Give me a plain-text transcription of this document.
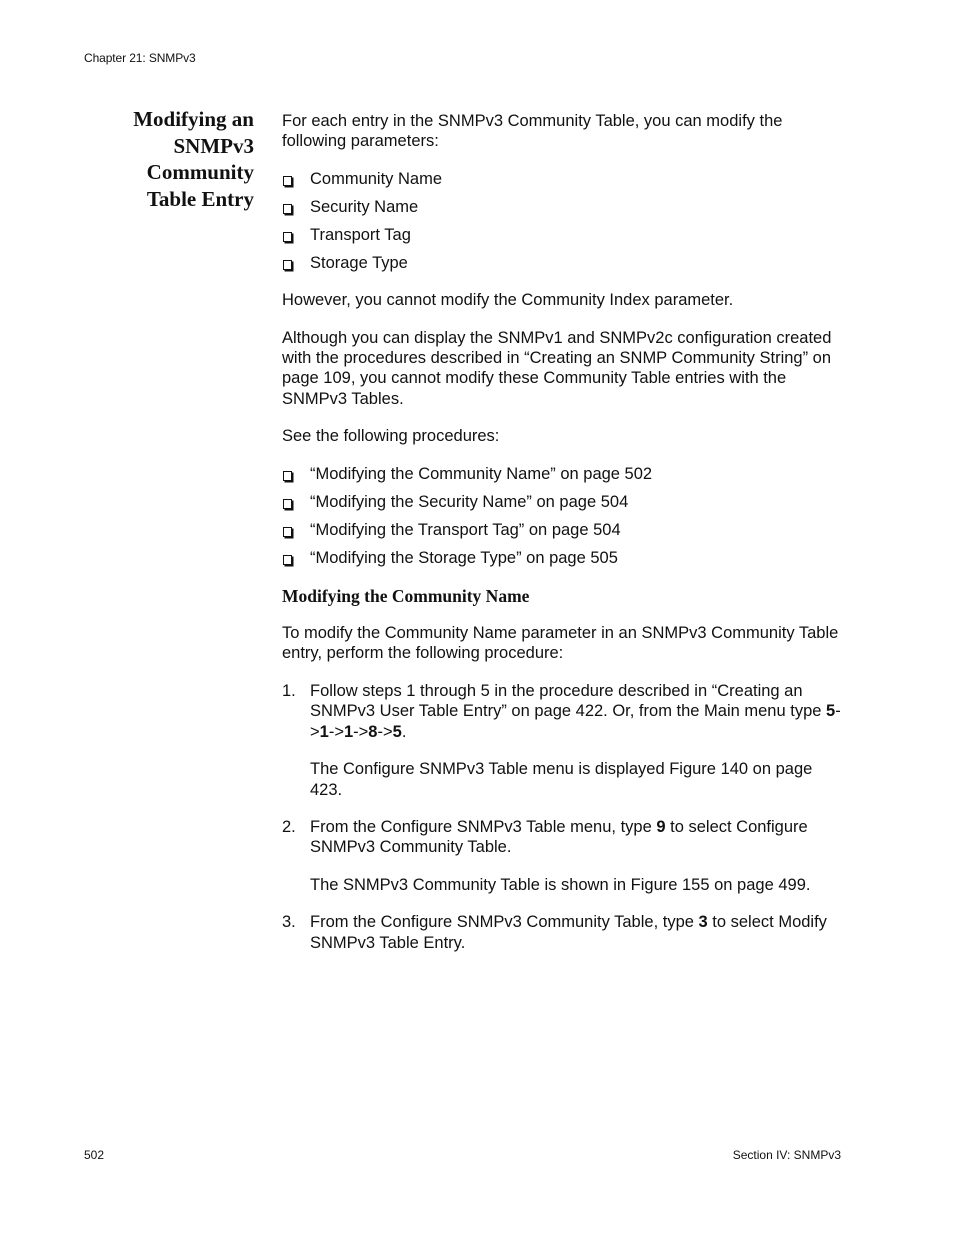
Chapter 21: SNMPv3
Modifying an
SNMPv3
Community
Table Entry

For each entry in the SNMPv3 Community Table, you can modify the following parameters:

Community Name
Security Name
Transport Tag
Storage Type

However, you cannot modify the Community Index parameter.

Although you can display the SNMPv1 and SNMPv2c configuration created with the procedures described in “Creating an SNMP Community String” on page 109, you cannot modify these Community Table entries with the SNMPv3 Tables.

See the following procedures:

“Modifying the Community Name” on page 502
“Modifying the Security Name” on page 504
“Modifying the Transport Tag” on page 504
“Modifying the Storage Type” on page 505
Modifying the Community Name

To modify the Community Name parameter in an SNMPv3 Community Table entry, perform the following procedure:

1. Follow steps 1 through 5 in the procedure described in “Creating an SNMPv3 User Table Entry” on page 422. Or, from the Main menu type 5->1->1->8->5.

The Configure SNMPv3 Table menu is displayed Figure 140 on page 423.

2. From the Configure SNMPv3 Table menu, type 9 to select Configure SNMPv3 Community Table.

The SNMPv3 Community Table is shown in Figure 155 on page 499.

3. From the Configure SNMPv3 Community Table, type 3 to select Modify SNMPv3 Table Entry.

502	Section IV: SNMPv3
